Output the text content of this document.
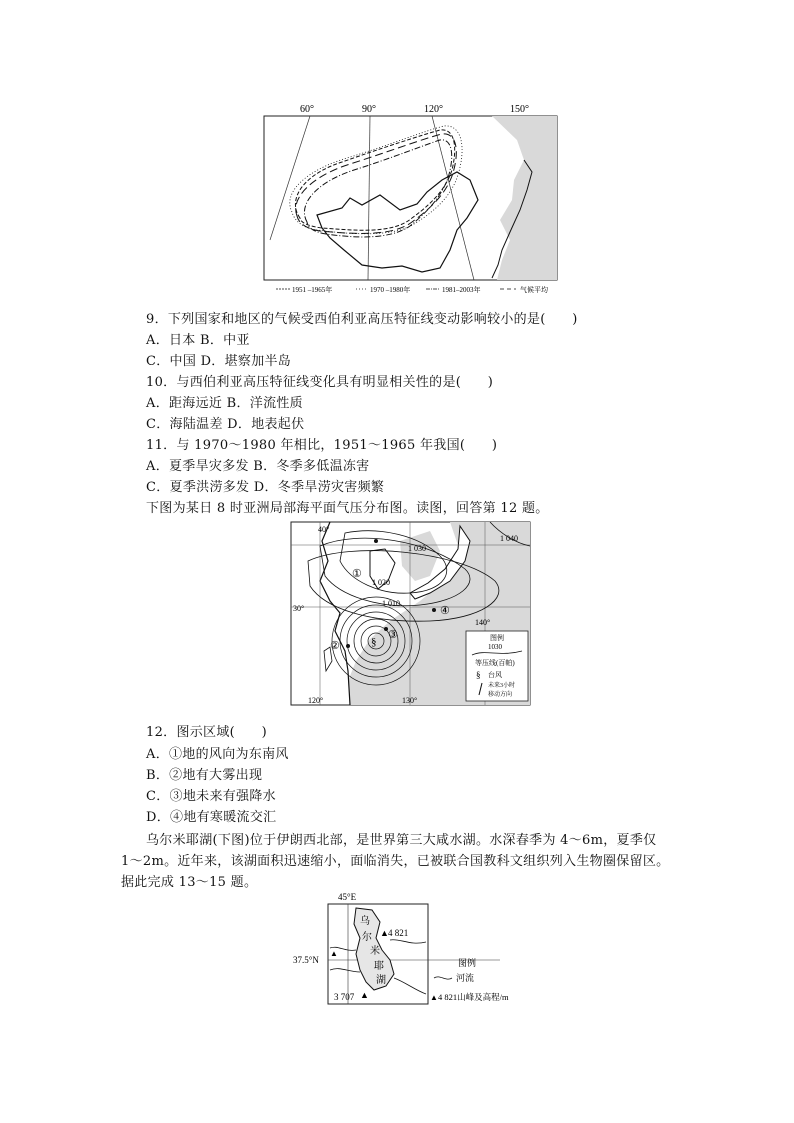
60°	90°	120°	150°
1951 –1965年	1970 –1980年	1981–2003年	气候平均
9．下列国家和地区的气候受西伯利亚高压特征线变动影响较小的是(　　)
A．日本 B．中亚
C．中国 D．堪察加半岛
10．与西伯利亚高压特征线变化具有明显相关性的是(　　)
A．距海远近 B．洋流性质
C．海陆温差 D．地表起伏
11．与 1970～1980 年相比，1951～1965 年我国(　　)
A．夏季旱灾多发 B．冬季多低温冻害
C．夏季洪涝多发 D．冬季旱涝灾害频繁
下图为某日 8 时亚洲局部海平面气压分布图。读图，回答第 12 题。
40°
30°
120°	130°
140°
1 030
1 020
1 010
1 040
§
①
②
③
④
图例
1030
等压线(百帕)
§ 台风
未来3小时
移动方向
12．图示区域(　　)
A．①地的风向为东南风
B．②地有大雾出现
C．③地未来有强降水
D．④地有寒暖流交汇
乌尔米耶湖(下图)位于伊朗西北部，是世界第三大咸水湖。水深春季为 4～6m，夏季仅
1～2m。近年来，该湖面积迅速缩小，面临消失，已被联合国教科文组织列入生物圈保留区。
据此完成 13～15 题。
45°E
37.5°N
乌
尔
米
耶
湖
▲ 4 821
▲
3 707
▲
图例
河流
▲ 4 821山峰及高程/m
